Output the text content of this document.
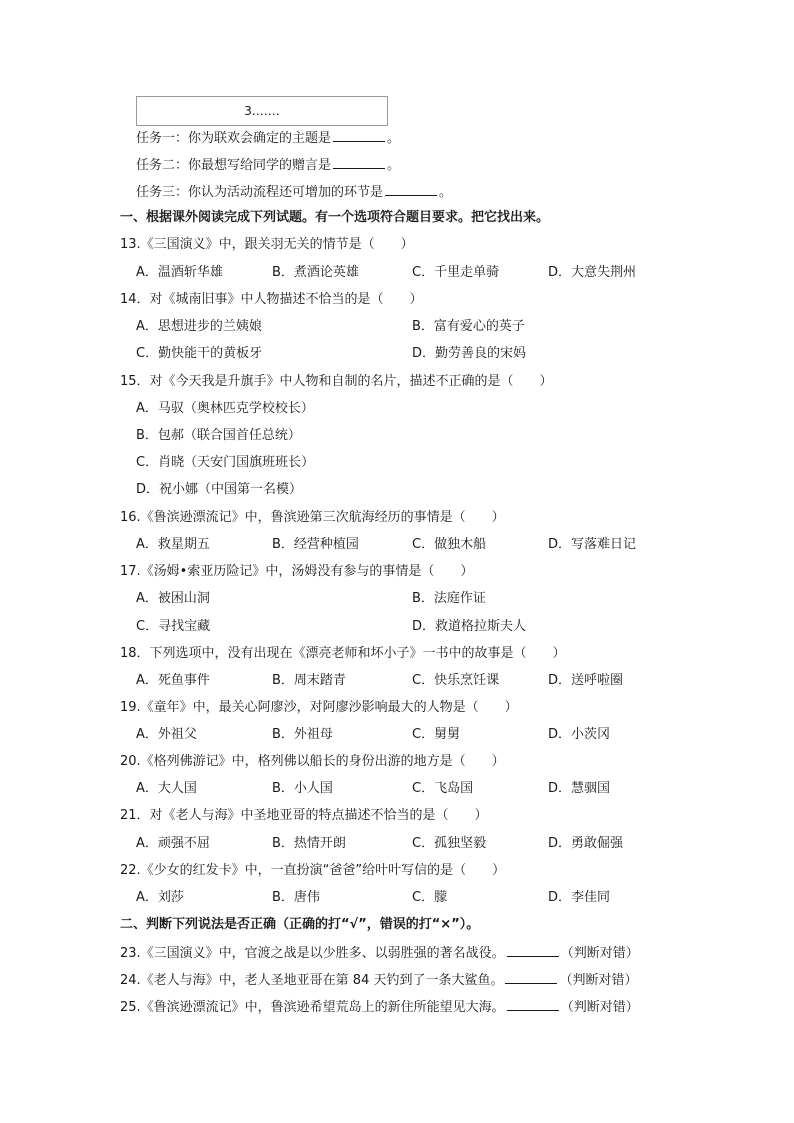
3.……
任务一：你为联欢会确定的主题是	。
任务二：你最想写给同学的赠言是	。
任务三：你认为活动流程还可增加的环节是	。
一、根据课外阅读完成下列试题。有一个选项符合题目要求。把它找出来。
13.《三国演义》中，跟关羽无关的情节是（　　）
A．温酒斩华雄	B．煮酒论英雄	C．千里走单骑	D．大意失荆州
14．对《城南旧事》中人物描述不恰当的是（　　）
A．思想进步的兰姨娘	B．富有爱心的英子
C．勤快能干的黄板牙	D．勤劳善良的宋妈
15．对《今天我是升旗手》中人物和自制的名片，描述不正确的是（　　）
A．马驭（奥林匹克学校校长）
B．包郝（联合国首任总统）
C．肖晓（天安门国旗班班长）
D．祝小娜（中国第一名模）
16.《鲁滨逊漂流记》中，鲁滨逊第三次航海经历的事情是（　　）
A．救星期五	B．经营种植园	C．做独木船	D．写落难日记
17.《汤姆•索亚历险记》中，汤姆没有参与的事情是（　　）
A．被困山洞	B．法庭作证
C．寻找宝藏	D．救道格拉斯夫人
18．下列选项中，没有出现在《漂亮老师和坏小子》一书中的故事是（　　）
A．死鱼事件	B．周末踏青	C．快乐烹饪课	D．送呼啦圈
19.《童年》中，最关心阿廖沙，对阿廖沙影响最大的人物是（　　）
A．外祖父	B．外祖母	C．舅舅	D．小茨冈
20.《格列佛游记》中，格列佛以船长的身份出游的地方是（　　）
A．大人国	B．小人国	C．飞岛国	D．慧骃国
21．对《老人与海》中圣地亚哥的特点描述不恰当的是（　　）
A．顽强不屈	B．热情开朗	C．孤独坚毅	D．勇敢倔强
22.《少女的红发卡》中，一直扮演“爸爸”给叶叶写信的是（　　）
A．刘莎	B．唐伟	C．朦	D．李佳同
二、判断下列说法是否正确（正确的打“√”，错误的打“×”）。
23.《三国演义》中，官渡之战是以少胜多、以弱胜强的著名战役。	（判断对错）
24.《老人与海》中，老人圣地亚哥在第 84 天钓到了一条大鲨鱼。	（判断对错）
25.《鲁滨逊漂流记》中，鲁滨逊希望荒岛上的新住所能望见大海。	（判断对错）
